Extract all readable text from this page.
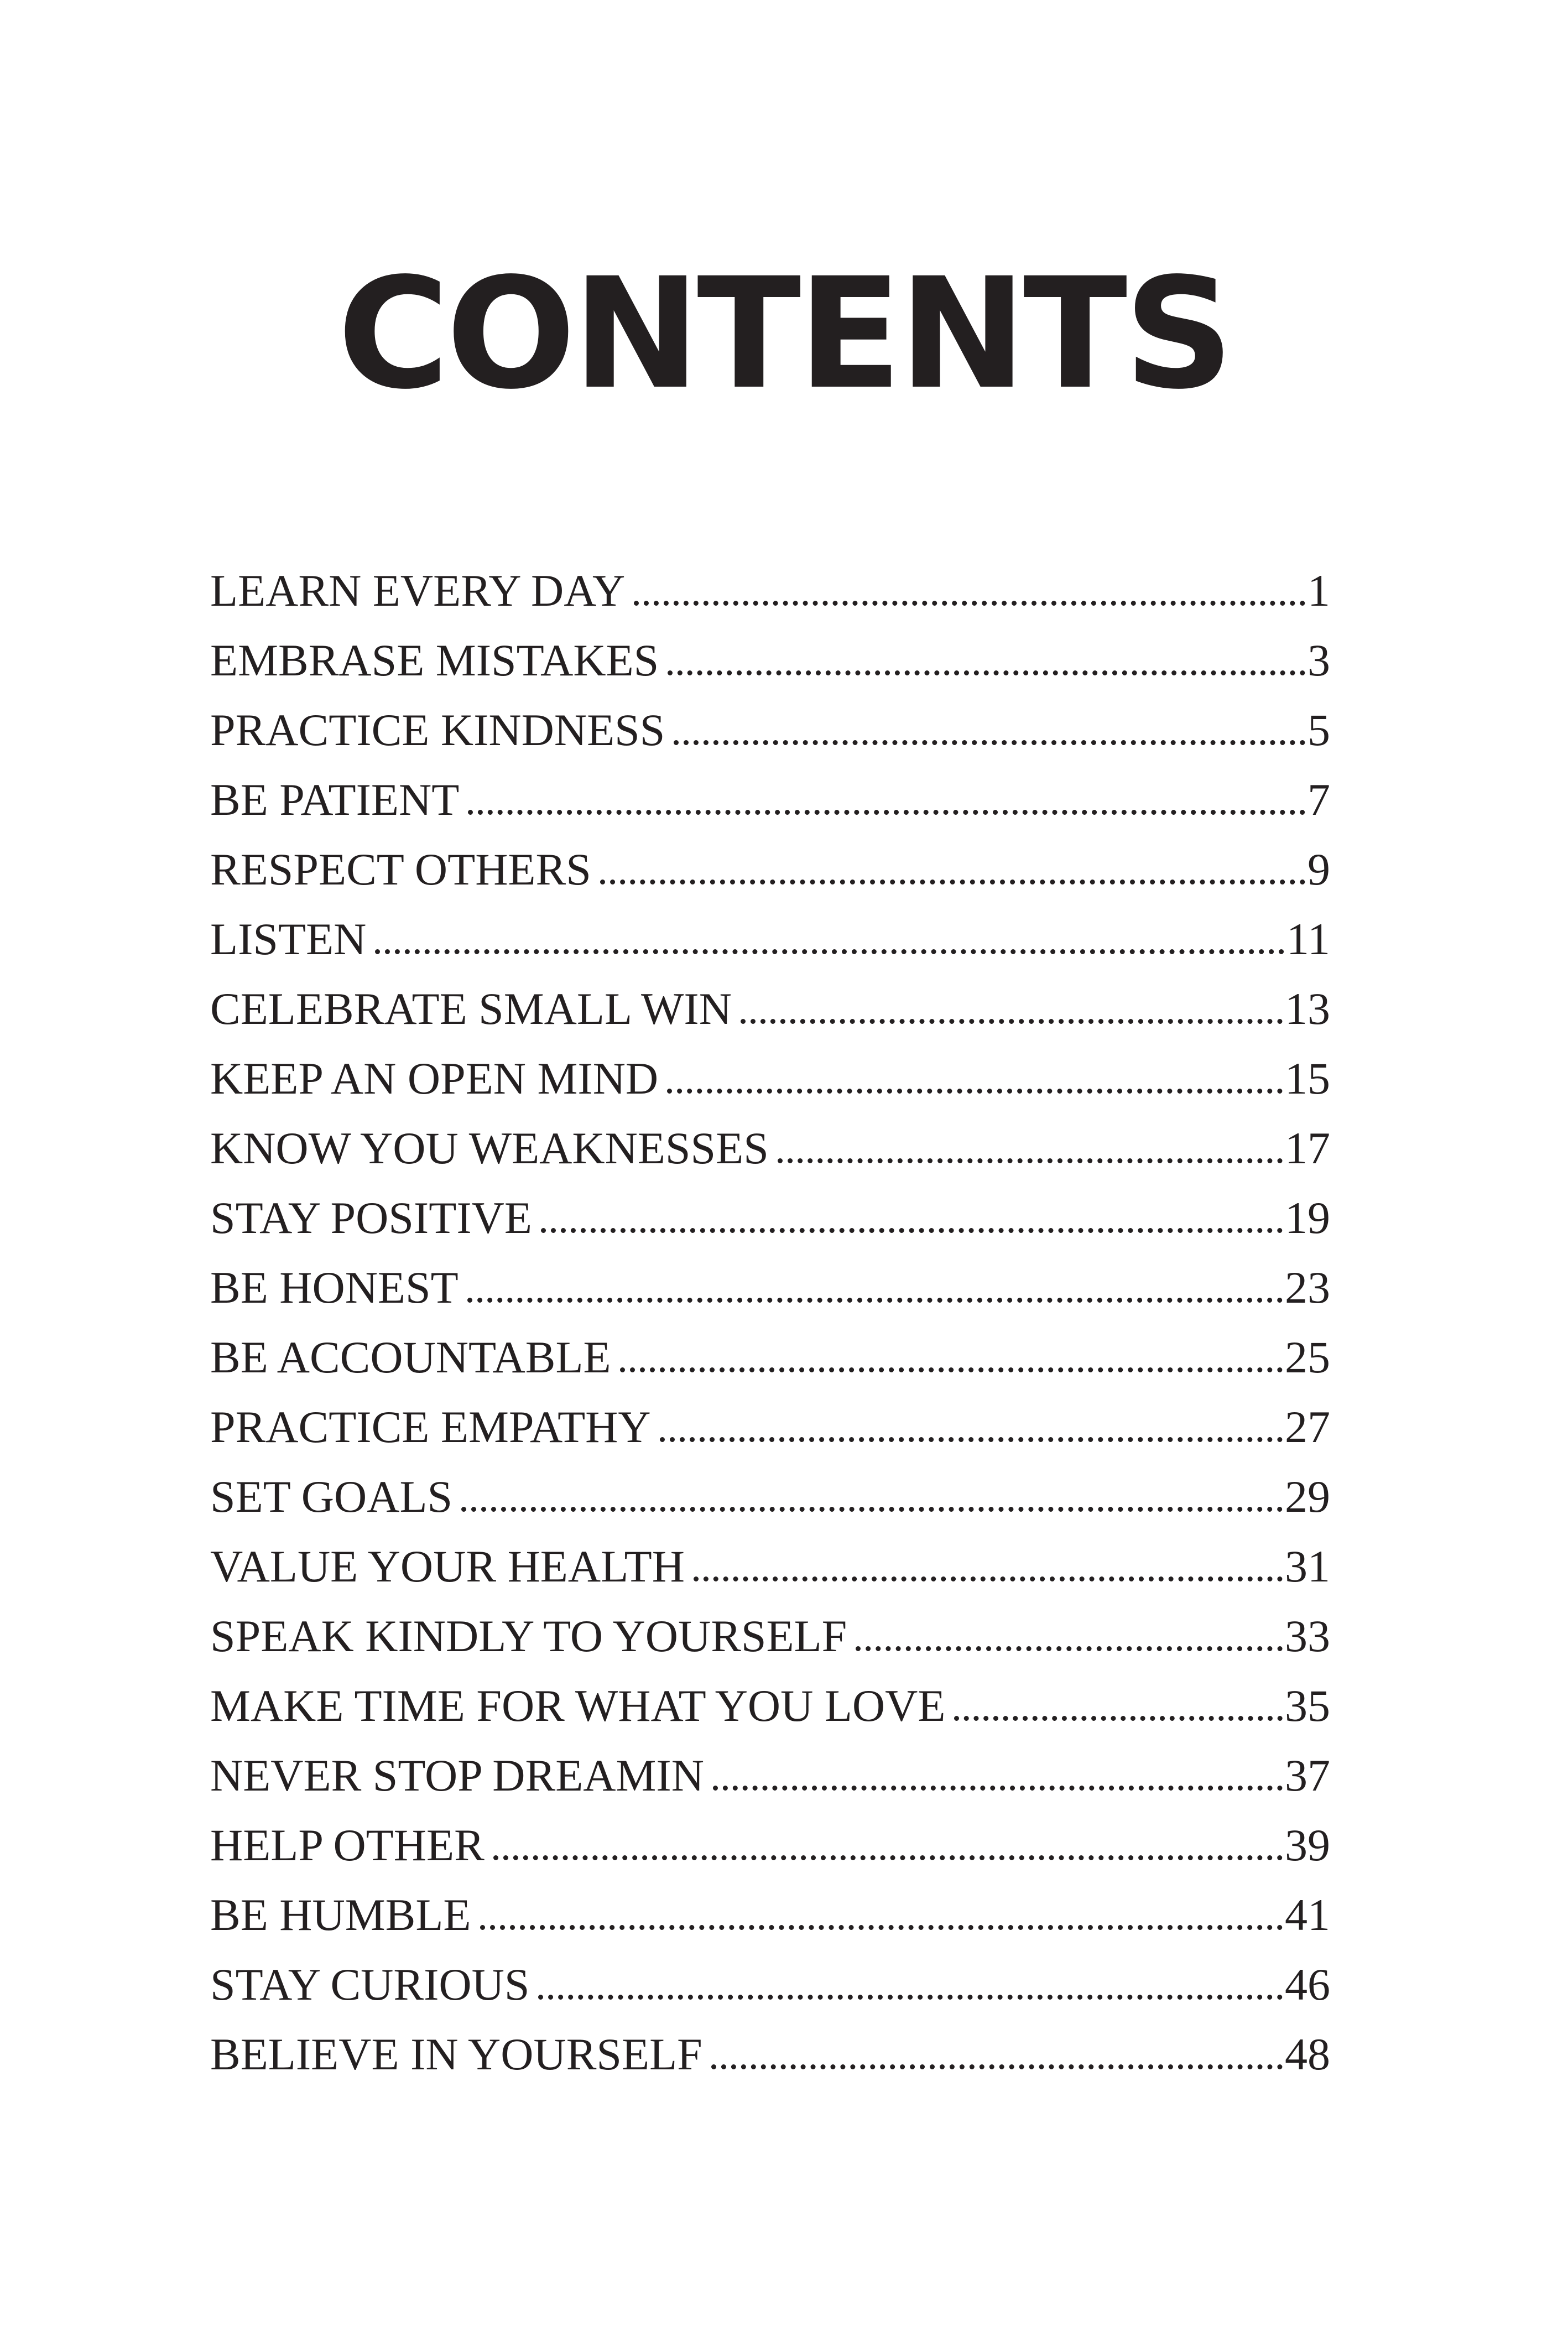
CONTENTS
LEARN EVERY DAY	1
EMBRASE MISTAKES	3
PRACTICE KINDNESS	5
BE PATIENT	7
RESPECT OTHERS	9
LISTEN	11
CELEBRATE SMALL WIN	13
KEEP AN OPEN MIND	15
KNOW YOU WEAKNESSES	17
STAY POSITIVE	19
BE HONEST	23
BE ACCOUNTABLE	25
PRACTICE EMPATHY	27
SET GOALS	29
VALUE YOUR HEALTH	31
SPEAK KINDLY TO YOURSELF	33
MAKE TIME FOR WHAT YOU LOVE	35
NEVER STOP DREAMIN	37
HELP OTHER	39
BE HUMBLE	41
STAY CURIOUS	46
BELIEVE IN YOURSELF	48
